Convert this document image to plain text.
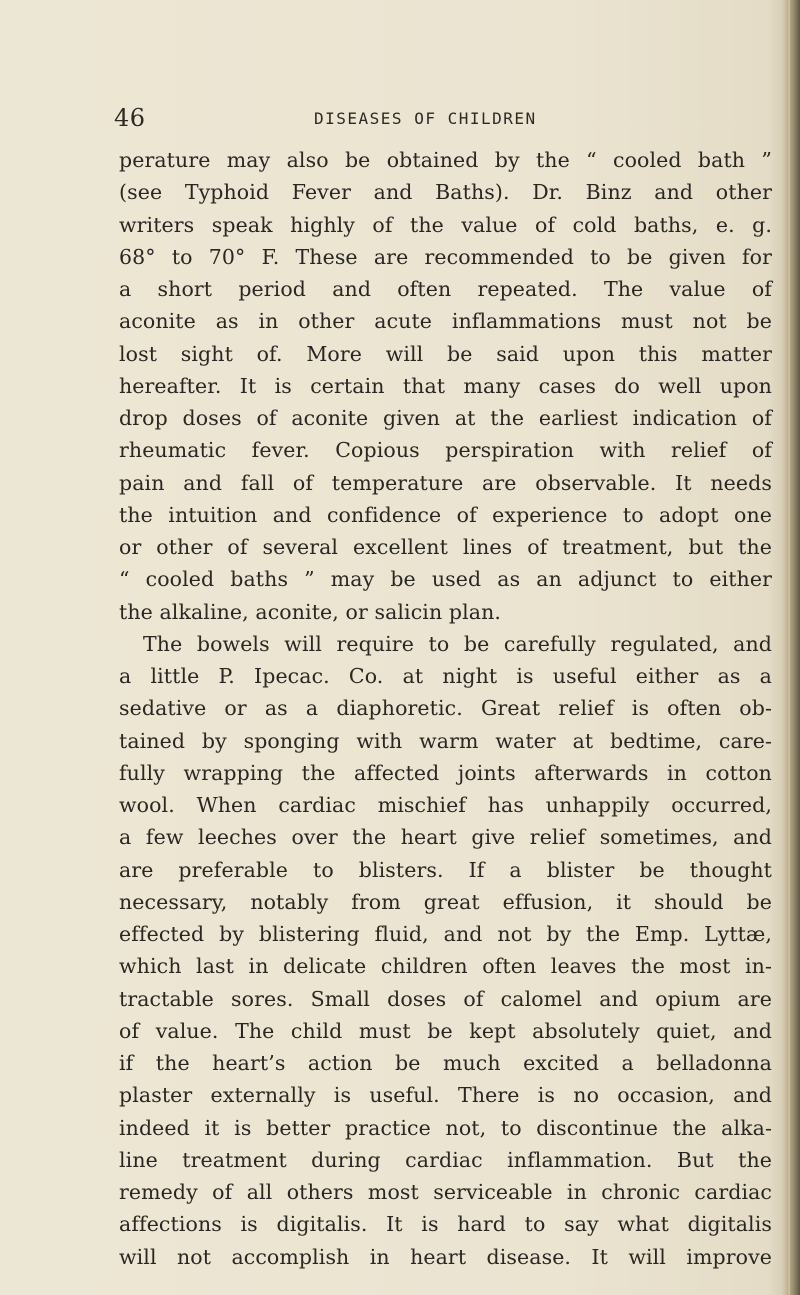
46	DISEASES OF CHILDREN
perature may also be obtained by the “ cooled bath ”
(see Typhoid Fever and Baths). Dr. Binz and other
writers speak highly of the value of cold baths, e. g.
68° to 70° F. These are recommended to be given for
a short period and often repeated. The value of
aconite as in other acute inflammations must not be
lost sight of. More will be said upon this matter
hereafter. It is certain that many cases do well upon
drop doses of aconite given at the earliest indication of
rheumatic fever. Copious perspiration with relief of
pain and fall of temperature are observable. It needs
the intuition and confidence of experience to adopt one
or other of several excellent lines of treatment, but the
“ cooled baths ” may be used as an adjunct to either
the alkaline, aconite, or salicin plan.
The bowels will require to be carefully regulated, and
a little P. Ipecac. Co. at night is useful either as a
sedative or as a diaphoretic. Great relief is often ob-
tained by sponging with warm water at bedtime, care-
fully wrapping the affected joints afterwards in cotton
wool. When cardiac mischief has unhappily occurred,
a few leeches over the heart give relief sometimes, and
are preferable to blisters. If a blister be thought
necessary, notably from great effusion, it should be
effected by blistering fluid, and not by the Emp. Lyttæ,
which last in delicate children often leaves the most in-
tractable sores. Small doses of calomel and opium are
of value. The child must be kept absolutely quiet, and
if the heart’s action be much excited a belladonna
plaster externally is useful. There is no occasion, and
indeed it is better practice not, to discontinue the alka-
line treatment during cardiac inflammation. But the
remedy of all others most serviceable in chronic cardiac
affections is digitalis. It is hard to say what digitalis
will not accomplish in heart disease. It will improve
